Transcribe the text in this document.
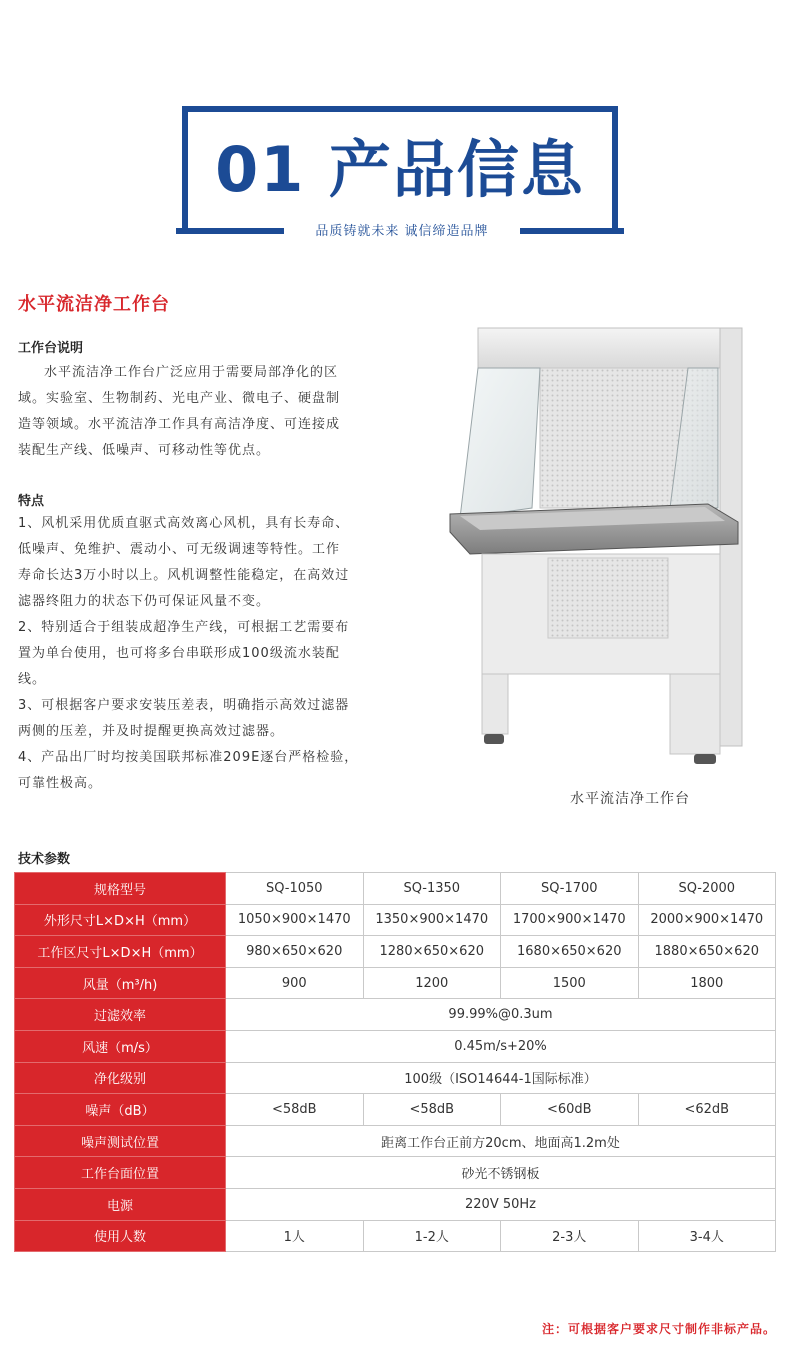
01 产品信息
品质铸就未来 诚信缔造品牌
水平流洁净工作台
工作台说明

水平流洁净工作台广泛应用于需要局部净化的区

域。实验室、生物制药、光电产业、微电子、硬盘制

造等领域。水平流洁净工作具有高洁净度、可连接成

装配生产线、低噪声、可移动性等优点。

特点

1、风机采用优质直驱式高效离心风机，具有长寿命、

低噪声、免维护、震动小、可无级调速等特性。工作

寿命长达3万小时以上。风机调整性能稳定，在高效过

滤器终阻力的状态下仍可保证风量不变。

2、特别适合于组装成超净生产线，可根据工艺需要布

置为单台使用，也可将多台串联形成100级流水装配

线。

3、可根据客户要求安装压差表，明确指示高效过滤器

两侧的压差，并及时提醒更换高效过滤器。

4、产品出厂时均按美国联邦标准209E逐台严格检验，

可靠性极高。

水平流洁净工作台
技术参数
规格型号	SQ-1050	SQ-1350	SQ-1700	SQ-2000
外形尺寸L×D×H（mm）	1050×900×1470	1350×900×1470	1700×900×1470	2000×900×1470
工作区尺寸L×D×H（mm）	980×650×620	1280×650×620	1680×650×620	1880×650×620
风量（m³/h)	900	1200	1500	1800
过滤效率	99.99%@0.3um			
风速（m/s）	0.45m/s+20%			
净化级别	100级（ISO14644-1国际标准）			
噪声（dB）	<58dB	<58dB	<60dB	<62dB
噪声测试位置	距离工作台正前方20cm、地面高1.2m处			
工作台面位置	砂光不锈钢板			
电源	220V 50Hz			
使用人数	1人	1-2人	2-3人	3-4人
注：可根据客户要求尺寸制作非标产品。
